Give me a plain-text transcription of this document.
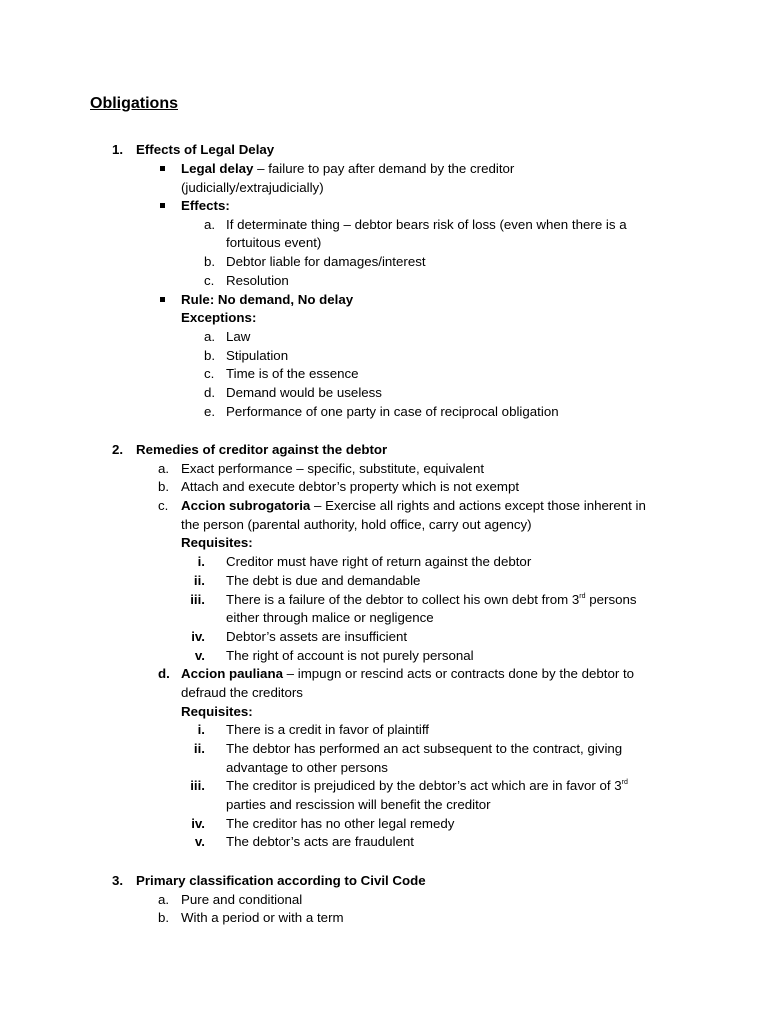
Obligations
1. Effects of Legal Delay
Legal delay – failure to pay after demand by the creditor
(judicially/extrajudicially)
Effects:
a. If determinate thing – debtor bears risk of loss (even when there is a
fortuitous event)
b. Debtor liable for damages/interest
c. Resolution
Rule: No demand, No delay
Exceptions:
a. Law
b. Stipulation
c. Time is of the essence
d. Demand would be useless
e. Performance of one party in case of reciprocal obligation
2. Remedies of creditor against the debtor
a. Exact performance – specific, substitute, equivalent
b. Attach and execute debtor’s property which is not exempt
c. Accion subrogatoria – Exercise all rights and actions except those inherent in
the person (parental authority, hold office, carry out agency)
Requisites:
i. Creditor must have right of return against the debtor
ii. The debt is due and demandable
iii. There is a failure of the debtor to collect his own debt from 3rd persons
either through malice or negligence
iv. Debtor’s assets are insufficient
v. The right of account is not purely personal
d. Accion pauliana – impugn or rescind acts or contracts done by the debtor to
defraud the creditors
Requisites:
i. There is a credit in favor of plaintiff
ii. The debtor has performed an act subsequent to the contract, giving
advantage to other persons
iii. The creditor is prejudiced by the debtor’s act which are in favor of 3rd
parties and rescission will benefit the creditor
iv. The creditor has no other legal remedy
v. The debtor’s acts are fraudulent
3. Primary classification according to Civil Code
a. Pure and conditional
b. With a period or with a term
